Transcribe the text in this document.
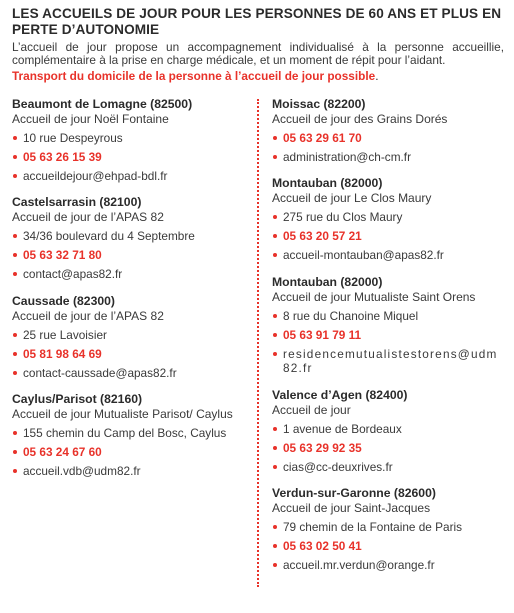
LES ACCUEILS DE JOUR POUR LES PERSONNES DE 60 ANS ET PLUS EN PERTE D’AUTONOMIE
L’accueil de jour propose un accompagnement individualisé à la personne accueillie, complémentaire à la prise en charge médicale, et un moment de répit pour l’aidant.
Transport du domicile de la personne à l’accueil de jour possible.
Beaumont de Lomagne (82500)
Accueil de jour Noël Fontaine
10 rue Despeyrous
05 63 26 15 39
accueildejour@ehpad-bdl.fr
Castelsarrasin (82100)
Accueil de jour de l’APAS 82
34/36 boulevard du 4 Septembre
05 63 32 71 80
contact@apas82.fr
Caussade (82300)
Accueil de jour de l’APAS 82
25 rue Lavoisier
05 81 98 64 69
contact-caussade@apas82.fr
Caylus/Parisot (82160)
Accueil de jour Mutualiste Parisot/ Caylus
155 chemin du Camp del Bosc, Caylus
05 63 24 67 60
accueil.vdb@udm82.fr
Moissac (82200)
Accueil de jour des Grains Dorés
05 63 29 61 70
administration@ch-cm.fr
Montauban (82000)
Accueil de jour Le Clos Maury
275 rue du Clos Maury
05 63 20 57 21
accueil-montauban@apas82.fr
Montauban (82000)
Accueil de jour Mutualiste Saint Orens
8 rue du Chanoine Miquel
05 63 91 79 11
residencemutualistestorens@udm82.fr
Valence d’Agen (82400)
Accueil de jour
1 avenue de Bordeaux
05 63 29 92 35
cias@cc-deuxrives.fr
Verdun-sur-Garonne (82600)
Accueil de jour Saint-Jacques
79 chemin de la Fontaine de Paris
05 63 02 50 41
accueil.mr.verdun@orange.fr
